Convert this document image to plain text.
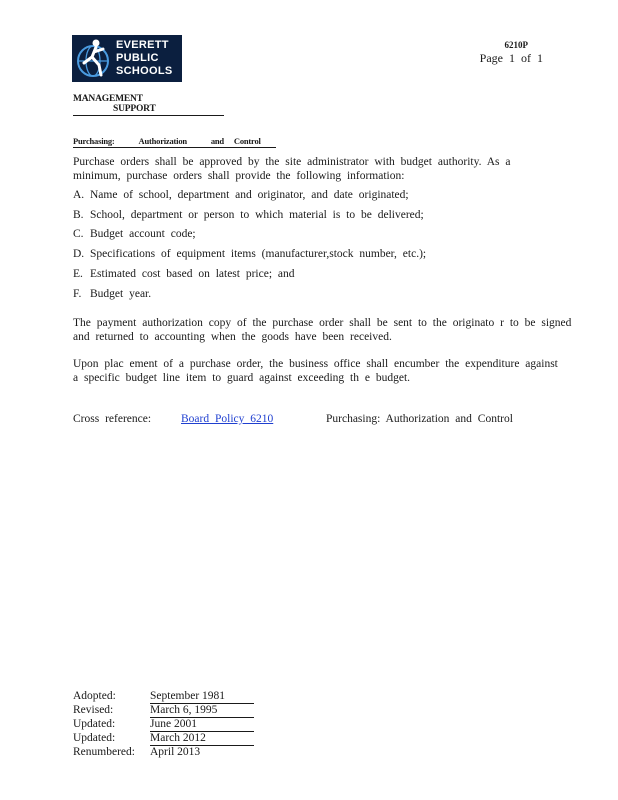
EVERETT
PUBLIC
SCHOOLS
6210P
Page 1 of 1
MANAGEMENT SUPPORT
Purchasing:	Authorization	and Control
Purchase orders shall be approved by the site administrator with budget authority. As a
minimum, purchase orders shall provide the following information:
A. Name of school, department and originator, and date originated;
B. School, department or person to which material is to be delivered;
C. Budget account code;
D. Specifications of equipment items (manufacturer,stock number, etc.);
E. Estimated cost based on latest price; and
F. Budget year.
The payment authorization copy of the purchase order shall be sent to the originato r to be signed
and returned to accounting when the goods have been received.
Upon plac ement of a purchase order, the business office shall encumber the expenditure against
a specific budget line item to guard against exceeding th e budget.
Cross reference:	Board Policy 6210	Purchasing: Authorization and Control
Adopted:	September 1981
Revised:	March 6, 1995
Updated:	June 2001
Updated:	March 2012
Renumbered: April 2013
